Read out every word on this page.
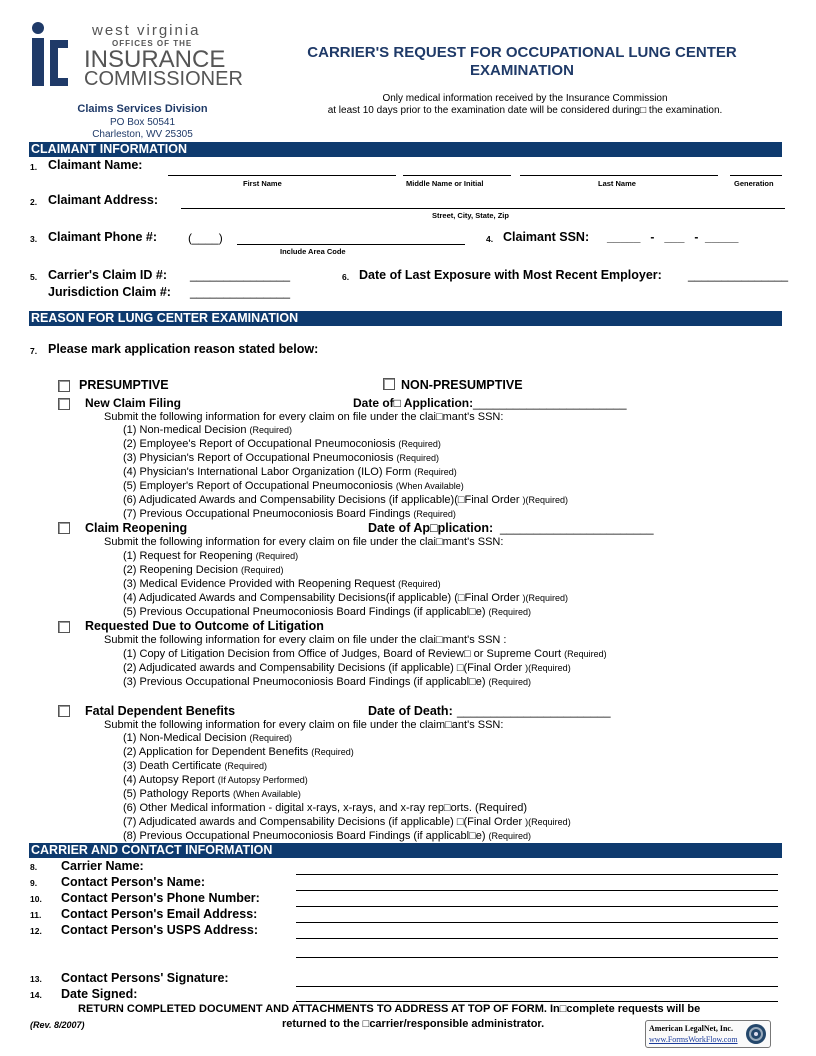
west virginia
OFFICES OF THE
INSURANCE
COMMISSIONER
CARRIER'S REQUEST FOR OCCUPATIONAL LUNG CENTER
EXAMINATION
Only medical information received by the Insurance Commission
at least 10 days prior to the examination date will be considered during□ the examination.
Claims Services Division
PO Box 50541
Charleston, WV 25305
CLAIMANT INFORMATION
1. Claimant Name:
First Name	Middle Name or Initial	Last Name	Generation
2. Claimant Address:
Street, City, State, Zip
3. Claimant Phone #:	(____)
Include Area Code
4. Claimant SSN: _____   -   ___   -  _____
5. Carrier's Claim ID #: _______________
Jurisdiction Claim #: _______________
6. Date of Last Exposure with Most Recent Employer: _______________
REASON FOR LUNG CENTER EXAMINATION
7. Please mark application reason stated below:
PRESUMPTIVE	NON-PRESUMPTIVE
New Claim Filing	Date of□ Application: _______________________
Submit the following information for every claim on file under the clai□mant's SSN:
(1) Non-medical Decision (Required)
(2) Employee's Report of Occupational Pneumoconiosis (Required)
(3) Physician's Report of Occupational Pneumoconiosis (Required)
(4) Physician's International Labor Organization (ILO) Form (Required)
(5) Employer's Report of Occupational Pneumoconiosis (When Available)
(6) Adjudicated Awards and Compensability Decisions (if applicable)(□Final Order )(Required)
(7) Previous Occupational Pneumoconiosis Board Findings (Required)
Claim Reopening	Date of Ap□plication: _______________________
Submit the following information for every claim on file under the clai□mant's SSN:
(1) Request for Reopening (Required)
(2) Reopening Decision (Required)
(3) Medical Evidence Provided with Reopening Request (Required)
(4) Adjudicated Awards and Compensability Decisions(if applicable) (□Final Order )(Required)
(5) Previous Occupational Pneumoconiosis Board Findings (if applicabl□e) (Required)
Requested Due to Outcome of Litigation
Submit the following information for every claim on file under the clai□mant's SSN :
(1) Copy of Litigation Decision from Office of Judges, Board of Review□ or Supreme Court (Required)
(2) Adjudicated awards and Compensability Decisions (if applicable) □(Final Order )(Required)
(3) Previous Occupational Pneumoconiosis Board Findings (if applicabl□e) (Required)
Fatal Dependent Benefits	Date of Death: _______________________
Submit the following information for every claim on file under the claim□ant's SSN:
(1) Non-Medical Decision (Required)
(2) Application for Dependent Benefits (Required)
(3) Death Certificate (Required)
(4) Autopsy Report (If Autopsy Performed)
(5) Pathology Reports (When Available)
(6) Other Medical information - digital x-rays, x-rays, and x-ray rep□orts. (Required)
(7) Adjudicated awards and Compensability Decisions (if applicable) □(Final Order )(Required)
(8) Previous Occupational Pneumoconiosis Board Findings (if applicabl□e) (Required)
CARRIER AND CONTACT INFORMATION
8. Carrier Name:
9. Contact Person's Name:
10. Contact Person's Phone Number:
11. Contact Person's Email Address:
12. Contact Person's USPS Address:
13. Contact Persons' Signature:
14. Date Signed:
RETURN COMPLETED DOCUMENT AND ATTACHMENTS TO ADDRESS AT TOP OF FORM. In□complete requests will be
returned to the □carrier/responsible administrator.
(Rev. 8/2007)	American LegalNet, Inc.
www.FormsWorkFlow.com
